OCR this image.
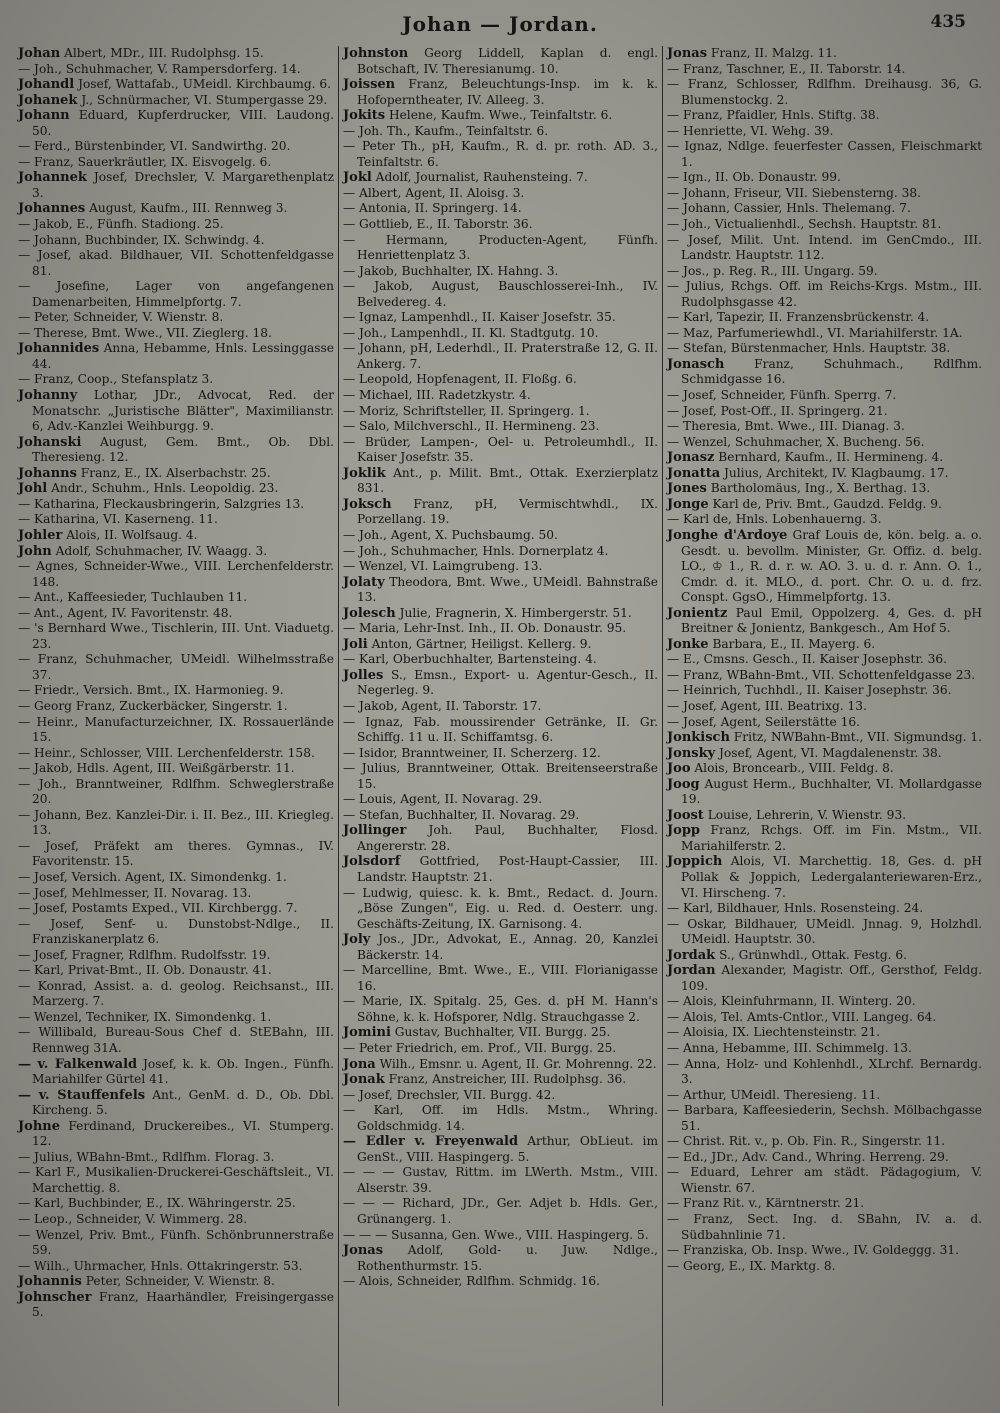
Johan — Jordan.	435

Johan Albert, MDr., III. Rudolphsg. 15.

— Joh., Schuhmacher, V. Rampersdorferg. 14.

Johandl Josef, Wattafab., UMeidl. Kirchbaumg. 6.

Johanek J., Schnürmacher, VI. Stumpergasse 29.

Johann Eduard, Kupferdrucker, VIII. Laudong. 50.

— Ferd., Bürstenbinder, VI. Sandwirthg. 20.

— Franz, Sauerkräutler, IX. Eisvogelg. 6.

Johannek Josef, Drechsler, V. Margarethenplatz 3.

Johannes August, Kaufm., III. Rennweg 3.

— Jakob, E., Fünfh. Stadiong. 25.

— Johann, Buchbinder, IX. Schwindg. 4.

— Josef, akad. Bildhauer, VII. Schottenfeldgasse 81.

— Josefine, Lager von angefangenen Damenarbeiten, Himmelpfortg. 7.

— Peter, Schneider, V. Wienstr. 8.

— Therese, Bmt. Wwe., VII. Zieglerg. 18.

Johannides Anna, Hebamme, Hnls. Lessinggasse 44.

— Franz, Coop., Stefansplatz 3.

Johanny Lothar, JDr., Advocat, Red. der Monatschr. „Juristische Blätter", Maximilianstr. 6, Adv.-Kanzlei Weihburgg. 9.

Johanski August, Gem. Bmt., Ob. Dbl. Theresieng. 12.

Johanns Franz, E., IX. Alserbachstr. 25.

Johl Andr., Schuhm., Hnls. Leopoldig. 23.

— Katharina, Fleckausbringerin, Salzgries 13.

— Katharina, VI. Kaserneng. 11.

Johler Alois, II. Wolfsaug. 4.

John Adolf, Schuhmacher, IV. Waagg. 3.

— Agnes, Schneider-Wwe., VIII. Lerchenfelderstr. 148.

— Ant., Kaffeesieder, Tuchlauben 11.

— Ant., Agent, IV. Favoritenstr. 48.

— 's Bernhard Wwe., Tischlerin, III. Unt. Viaduetg. 23.

— Franz, Schuhmacher, UMeidl. Wilhelmsstraße 37.

— Friedr., Versich. Bmt., IX. Harmonieg. 9.

— Georg Franz, Zuckerbäcker, Singerstr. 1.

— Heinr., Manufacturzeichner, IX. Rossauerlände 15.

— Heinr., Schlosser, VIII. Lerchenfelderstr. 158.

— Jakob, Hdls. Agent, III. Weißgärberstr. 11.

— Joh., Branntweiner, Rdlfhm. Schweglerstraße 20.

— Johann, Bez. Kanzlei-Dir. i. II. Bez., III. Kriegleg. 13.

— Josef, Präfekt am theres. Gymnas., IV. Favoritenstr. 15.

— Josef, Versich. Agent, IX. Simondenkg. 1.

— Josef, Mehlmesser, II. Novarag. 13.

— Josef, Postamts Exped., VII. Kirchbergg. 7.

— Josef, Senf- u. Dunstobst-Ndlge., II. Franziskanerplatz 6.

— Josef, Fragner, Rdlfhm. Rudolfsstr. 19.

— Karl, Privat-Bmt., II. Ob. Donaustr. 41.

— Konrad, Assist. a. d. geolog. Reichsanst., III. Marzerg. 7.

— Wenzel, Techniker, IX. Simondenkg. 1.

— Willibald, Bureau-Sous Chef d. StEBahn, III. Rennweg 31A.

— v. Falkenwald Josef, k. k. Ob. Ingen., Fünfh. Mariahilfer Gürtel 41.

— v. Stauffenfels Ant., GenM. d. D., Ob. Dbl. Kircheng. 5.

Johne Ferdinand, Druckereibes., VI. Stumperg. 12.

— Julius, WBahn-Bmt., Rdlfhm. Florag. 3.

— Karl F., Musikalien-Druckerei-Geschäftsleit., VI. Marchettig. 8.

— Karl, Buchbinder, E., IX. Währingerstr. 25.

— Leop., Schneider, V. Wimmerg. 28.

— Wenzel, Priv. Bmt., Fünfh. Schönbrunnerstraße 59.

— Wilh., Uhrmacher, Hnls. Ottakringerstr. 53.

Johannis Peter, Schneider, V. Wienstr. 8.

Johnscher Franz, Haarhändler, Freisingergasse 5.

Johnston Georg Liddell, Kaplan d. engl. Botschaft, IV. Theresianumg. 10.

Joissen Franz, Beleuchtungs-Insp. im k. k. Hofoperntheater, IV. Alleeg. 3.

Jokits Helene, Kaufm. Wwe., Teinfaltstr. 6.

— Joh. Th., Kaufm., Teinfaltstr. 6.

— Peter Th., pH, Kaufm., R. d. pr. roth. AD. 3., Teinfaltstr. 6.

Jokl Adolf, Journalist, Rauhensteing. 7.

— Albert, Agent, II. Aloisg. 3.

— Antonia, II. Springerg. 14.

— Gottlieb, E., II. Taborstr. 36.

— Hermann, Producten-Agent, Fünfh. Henriettenplatz 3.

— Jakob, Buchhalter, IX. Hahng. 3.

— Jakob, August, Bauschlosserei-Inh., IV. Belvedereg. 4.

— Ignaz, Lampenhdl., II. Kaiser Josefstr. 35.

— Joh., Lampenhdl., II. Kl. Stadtgutg. 10.

— Johann, pH, Lederhdl., II. Praterstraße 12, G. II. Ankerg. 7.

— Leopold, Hopfenagent, II. Floßg. 6.

— Michael, III. Radetzkystr. 4.

— Moriz, Schriftsteller, II. Springerg. 1.

— Salo, Milchverschl., II. Hermineng. 23.

— Brüder, Lampen-, Oel- u. Petroleumhdl., II. Kaiser Josefstr. 35.

Joklik Ant., p. Milit. Bmt., Ottak. Exerzierplatz 831.

Joksch Franz, pH, Vermischtwhdl., IX. Porzellang. 19.

— Joh., Agent, X. Puchsbaumg. 50.

— Joh., Schuhmacher, Hnls. Dornerplatz 4.

— Wenzel, VI. Laimgrubeng. 13.

Jolaty Theodora, Bmt. Wwe., UMeidl. Bahnstraße 13.

Jolesch Julie, Fragnerin, X. Himbergerstr. 51.

— Maria, Lehr-Inst. Inh., II. Ob. Donaustr. 95.

Joli Anton, Gärtner, Heiligst. Kellerg. 9.

— Karl, Oberbuchhalter, Bartensteing. 4.

Jolles S., Emsn., Export- u. Agentur-Gesch., II. Negerleg. 9.

— Jakob, Agent, II. Taborstr. 17.

— Ignaz, Fab. moussirender Getränke, II. Gr. Schiffg. 11 u. II. Schiffamtsg. 6.

— Isidor, Branntweiner, II. Scherzerg. 12.

— Julius, Branntweiner, Ottak. Breitenseerstraße 15.

— Louis, Agent, II. Novarag. 29.

— Stefan, Buchhalter, II. Novarag. 29.

Jollinger Joh. Paul, Buchhalter, Flosd. Angererstr. 28.

Jolsdorf Gottfried, Post-Haupt-Cassier, III. Landstr. Hauptstr. 21.

— Ludwig, quiesc. k. k. Bmt., Redact. d. Journ. „Böse Zungen", Eig. u. Red. d. Oesterr. ung. Geschäfts-Zeitung, IX. Garnisong. 4.

Joly Jos., JDr., Advokat, E., Annag. 20, Kanzlei Bäckerstr. 14.

— Marcelline, Bmt. Wwe., E., VIII. Florianigasse 16.

— Marie, IX. Spitalg. 25, Ges. d. pH M. Hann's Söhne, k. k. Hofsporer, Ndlg. Strauchgasse 2.

Jomini Gustav, Buchhalter, VII. Burgg. 25.

— Peter Friedrich, em. Prof., VII. Burgg. 25.

Jona Wilh., Emsnr. u. Agent, II. Gr. Mohrenng. 22.

Jonak Franz, Anstreicher, III. Rudolphsg. 36.

— Josef, Drechsler, VII. Burgg. 42.

— Karl, Off. im Hdls. Mstm., Whring. Goldschmidg. 14.

— Edler v. Freyenwald Arthur, ObLieut. im GenSt., VIII. Haspingerg. 5.

— — — Gustav, Rittm. im LWerth. Mstm., VIII. Alserstr. 39.

— — — Richard, JDr., Ger. Adjet b. Hdls. Ger., Grünangerg. 1.

— — — Susanna, Gen. Wwe., VIII. Haspingerg. 5.

Jonas Adolf, Gold- u. Juw. Ndlge., Rothenthurmstr. 15.

— Alois, Schneider, Rdlfhm. Schmidg. 16.

Jonas Franz, II. Malzg. 11.

— Franz, Taschner, E., II. Taborstr. 14.

— Franz, Schlosser, Rdlfhm. Dreihausg. 36, G. Blumenstockg. 2.

— Franz, Pfaidler, Hnls. Stiftg. 38.

— Henriette, VI. Wehg. 39.

— Ignaz, Ndlge. feuerfester Cassen, Fleischmarkt 1.

— Ign., II. Ob. Donaustr. 99.

— Johann, Friseur, VII. Siebensterng. 38.

— Johann, Cassier, Hnls. Thelemang. 7.

— Joh., Victualienhdl., Sechsh. Hauptstr. 81.

— Josef, Milit. Unt. Intend. im GenCmdo., III. Landstr. Hauptstr. 112.

— Jos., p. Reg. R., III. Ungarg. 59.

— Julius, Rchgs. Off. im Reichs-Krgs. Mstm., III. Rudolphsgasse 42.

— Karl, Tapezir, II. Franzensbrückenstr. 4.

— Maz, Parfumeriewhdl., VI. Mariahilferstr. 1A.

— Stefan, Bürstenmacher, Hnls. Hauptstr. 38.

Jonasch Franz, Schuhmach., Rdlfhm. Schmidgasse 16.

— Josef, Schneider, Fünfh. Sperrg. 7.

— Josef, Post-Off., II. Springerg. 21.

— Theresia, Bmt. Wwe., III. Dianag. 3.

— Wenzel, Schuhmacher, X. Bucheng. 56.

Jonasz Bernhard, Kaufm., II. Hermineng. 4.

Jonatta Julius, Architekt, IV. Klagbaumg. 17.

Jones Bartholomäus, Ing., X. Berthag. 13.

Jonge Karl de, Priv. Bmt., Gaudzd. Feldg. 9.

— Karl de, Hnls. Lobenhauerng. 3.

Jonghe d'Ardoye Graf Louis de, kön. belg. a. o. Gesdt. u. bevollm. Minister, Gr. Offiz. d. belg. LO., ♔ 1., R. d. r. w. AO. 3. u. d. r. Ann. O. 1., Cmdr. d. it. MLO., d. port. Chr. O. u. d. frz. Conspt. GgsO., Himmelpfortg. 13.

Jonientz Paul Emil, Oppolzerg. 4, Ges. d. pH Breitner & Jonientz, Bankgesch., Am Hof 5.

Jonke Barbara, E., II. Mayerg. 6.

— E., Cmsns. Gesch., II. Kaiser Josephstr. 36.

— Franz, WBahn-Bmt., VII. Schottenfeldgasse 23.

— Heinrich, Tuchhdl., II. Kaiser Josephstr. 36.

— Josef, Agent, III. Beatrixg. 13.

— Josef, Agent, Seilerstätte 16.

Jonkisch Fritz, NWBahn-Bmt., VII. Sigmundsg. 1.

Jonsky Josef, Agent, VI. Magdalenenstr. 38.

Joo Alois, Broncearb., VIII. Feldg. 8.

Joog August Herm., Buchhalter, VI. Mollardgasse 19.

Joost Louise, Lehrerin, V. Wienstr. 93.

Jopp Franz, Rchgs. Off. im Fin. Mstm., VII. Mariahilferstr. 2.

Joppich Alois, VI. Marchettig. 18, Ges. d. pH Pollak & Joppich, Ledergalanteriewaren-Erz., VI. Hirscheng. 7.

— Karl, Bildhauer, Hnls. Rosensteing. 24.

— Oskar, Bildhauer, UMeidl. Jnnag. 9, Holzhdl. UMeidl. Hauptstr. 30.

Jordak S., Grünwhdl., Ottak. Festg. 6.

Jordan Alexander, Magistr. Off., Gersthof, Feldg. 109.

— Alois, Kleinfuhrmann, II. Winterg. 20.

— Alois, Tel. Amts-Cntlor., VIII. Langeg. 64.

— Aloisia, IX. Liechtensteinstr. 21.

— Anna, Hebamme, III. Schimmelg. 13.

— Anna, Holz- und Kohlenhdl., XLrchf. Bernardg. 3.

— Arthur, UMeidl. Theresieng. 11.

— Barbara, Kaffeesiederin, Sechsh. Mölbachgasse 51.

— Christ. Rit. v., p. Ob. Fin. R., Singerstr. 11.

— Ed., JDr., Adv. Cand., Whring. Herreng. 29.

— Eduard, Lehrer am städt. Pädagogium, V. Wienstr. 67.

— Franz Rit. v., Kärntnerstr. 21.

— Franz, Sect. Ing. d. SBahn, IV. a. d. Südbahnlinie 71.

— Franziska, Ob. Insp. Wwe., IV. Goldeggg. 31.

— Georg, E., IX. Marktg. 8.
